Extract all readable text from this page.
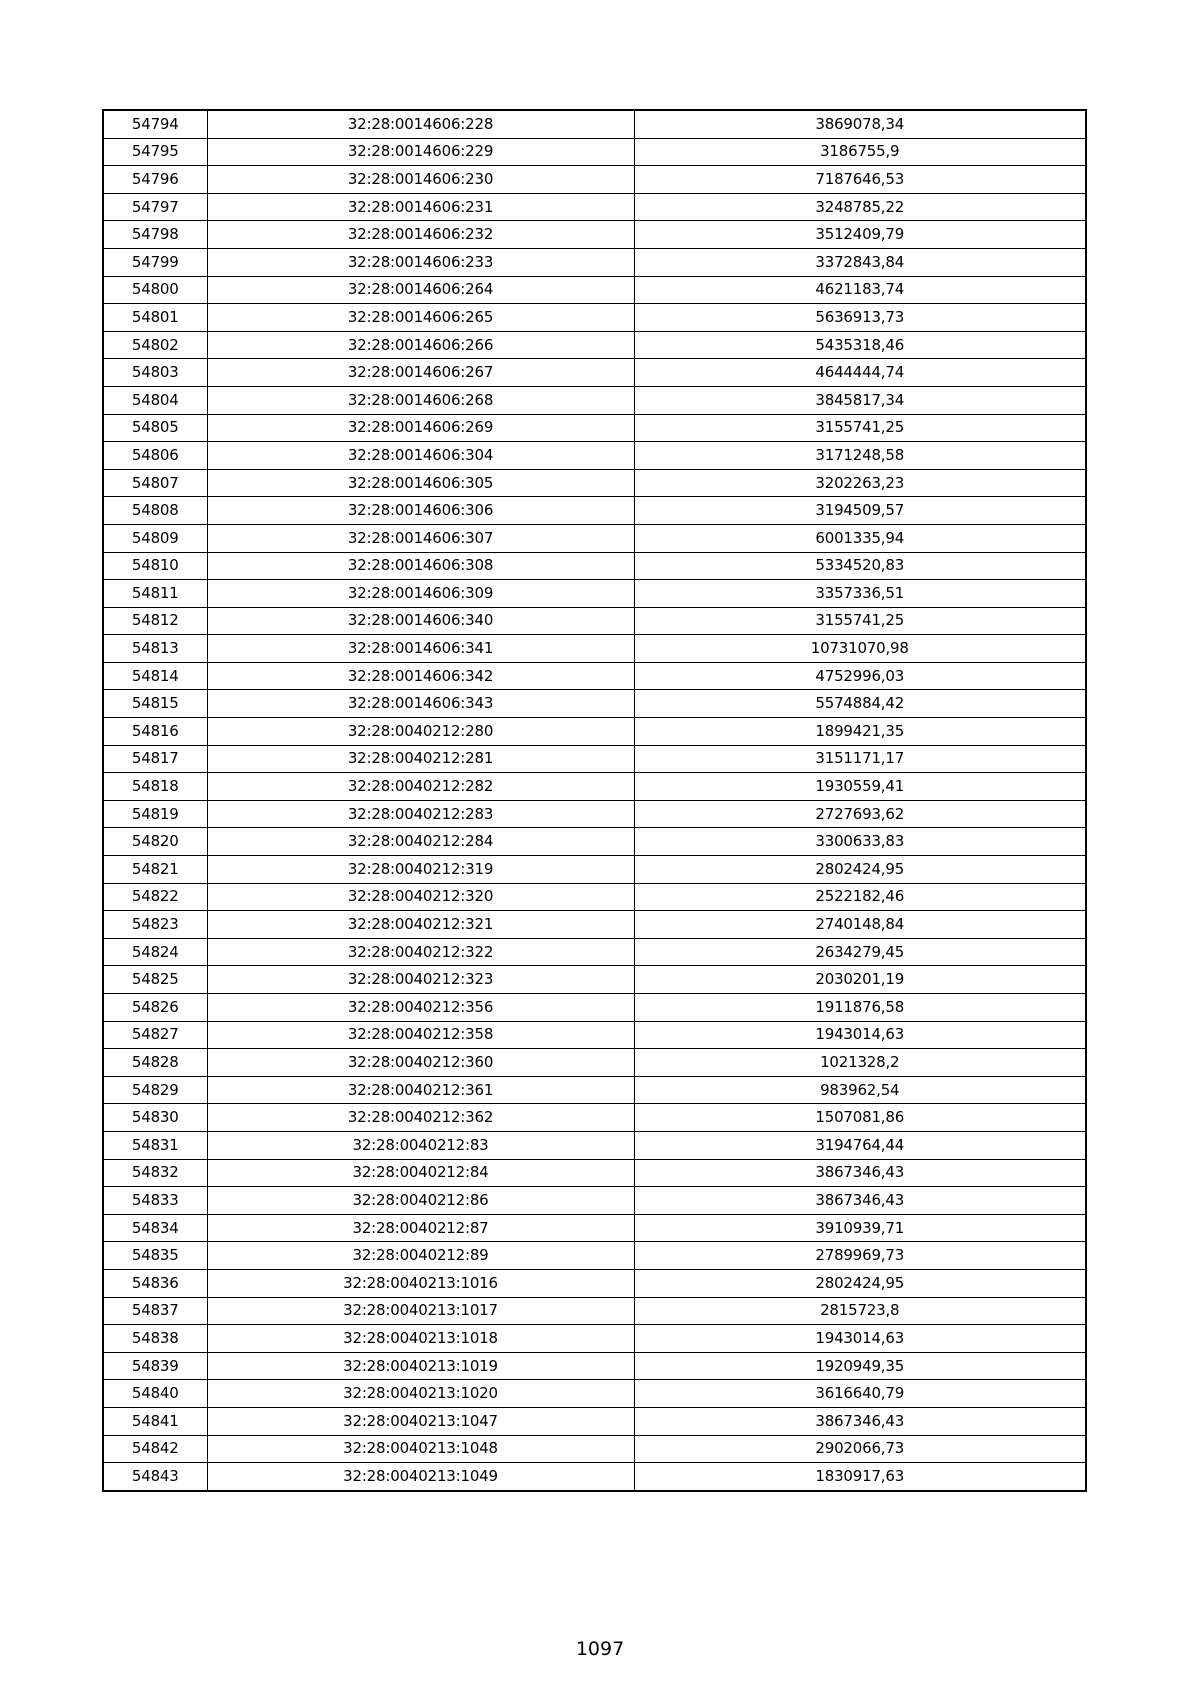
54794	32:28:0014606:228	3869078,34
54795	32:28:0014606:229	3186755,9
54796	32:28:0014606:230	7187646,53
54797	32:28:0014606:231	3248785,22
54798	32:28:0014606:232	3512409,79
54799	32:28:0014606:233	3372843,84
54800	32:28:0014606:264	4621183,74
54801	32:28:0014606:265	5636913,73
54802	32:28:0014606:266	5435318,46
54803	32:28:0014606:267	4644444,74
54804	32:28:0014606:268	3845817,34
54805	32:28:0014606:269	3155741,25
54806	32:28:0014606:304	3171248,58
54807	32:28:0014606:305	3202263,23
54808	32:28:0014606:306	3194509,57
54809	32:28:0014606:307	6001335,94
54810	32:28:0014606:308	5334520,83
54811	32:28:0014606:309	3357336,51
54812	32:28:0014606:340	3155741,25
54813	32:28:0014606:341	10731070,98
54814	32:28:0014606:342	4752996,03
54815	32:28:0014606:343	5574884,42
54816	32:28:0040212:280	1899421,35
54817	32:28:0040212:281	3151171,17
54818	32:28:0040212:282	1930559,41
54819	32:28:0040212:283	2727693,62
54820	32:28:0040212:284	3300633,83
54821	32:28:0040212:319	2802424,95
54822	32:28:0040212:320	2522182,46
54823	32:28:0040212:321	2740148,84
54824	32:28:0040212:322	2634279,45
54825	32:28:0040212:323	2030201,19
54826	32:28:0040212:356	1911876,58
54827	32:28:0040212:358	1943014,63
54828	32:28:0040212:360	1021328,2
54829	32:28:0040212:361	983962,54
54830	32:28:0040212:362	1507081,86
54831	32:28:0040212:83	3194764,44
54832	32:28:0040212:84	3867346,43
54833	32:28:0040212:86	3867346,43
54834	32:28:0040212:87	3910939,71
54835	32:28:0040212:89	2789969,73
54836	32:28:0040213:1016	2802424,95
54837	32:28:0040213:1017	2815723,8
54838	32:28:0040213:1018	1943014,63
54839	32:28:0040213:1019	1920949,35
54840	32:28:0040213:1020	3616640,79
54841	32:28:0040213:1047	3867346,43
54842	32:28:0040213:1048	2902066,73
54843	32:28:0040213:1049	1830917,63
1097
